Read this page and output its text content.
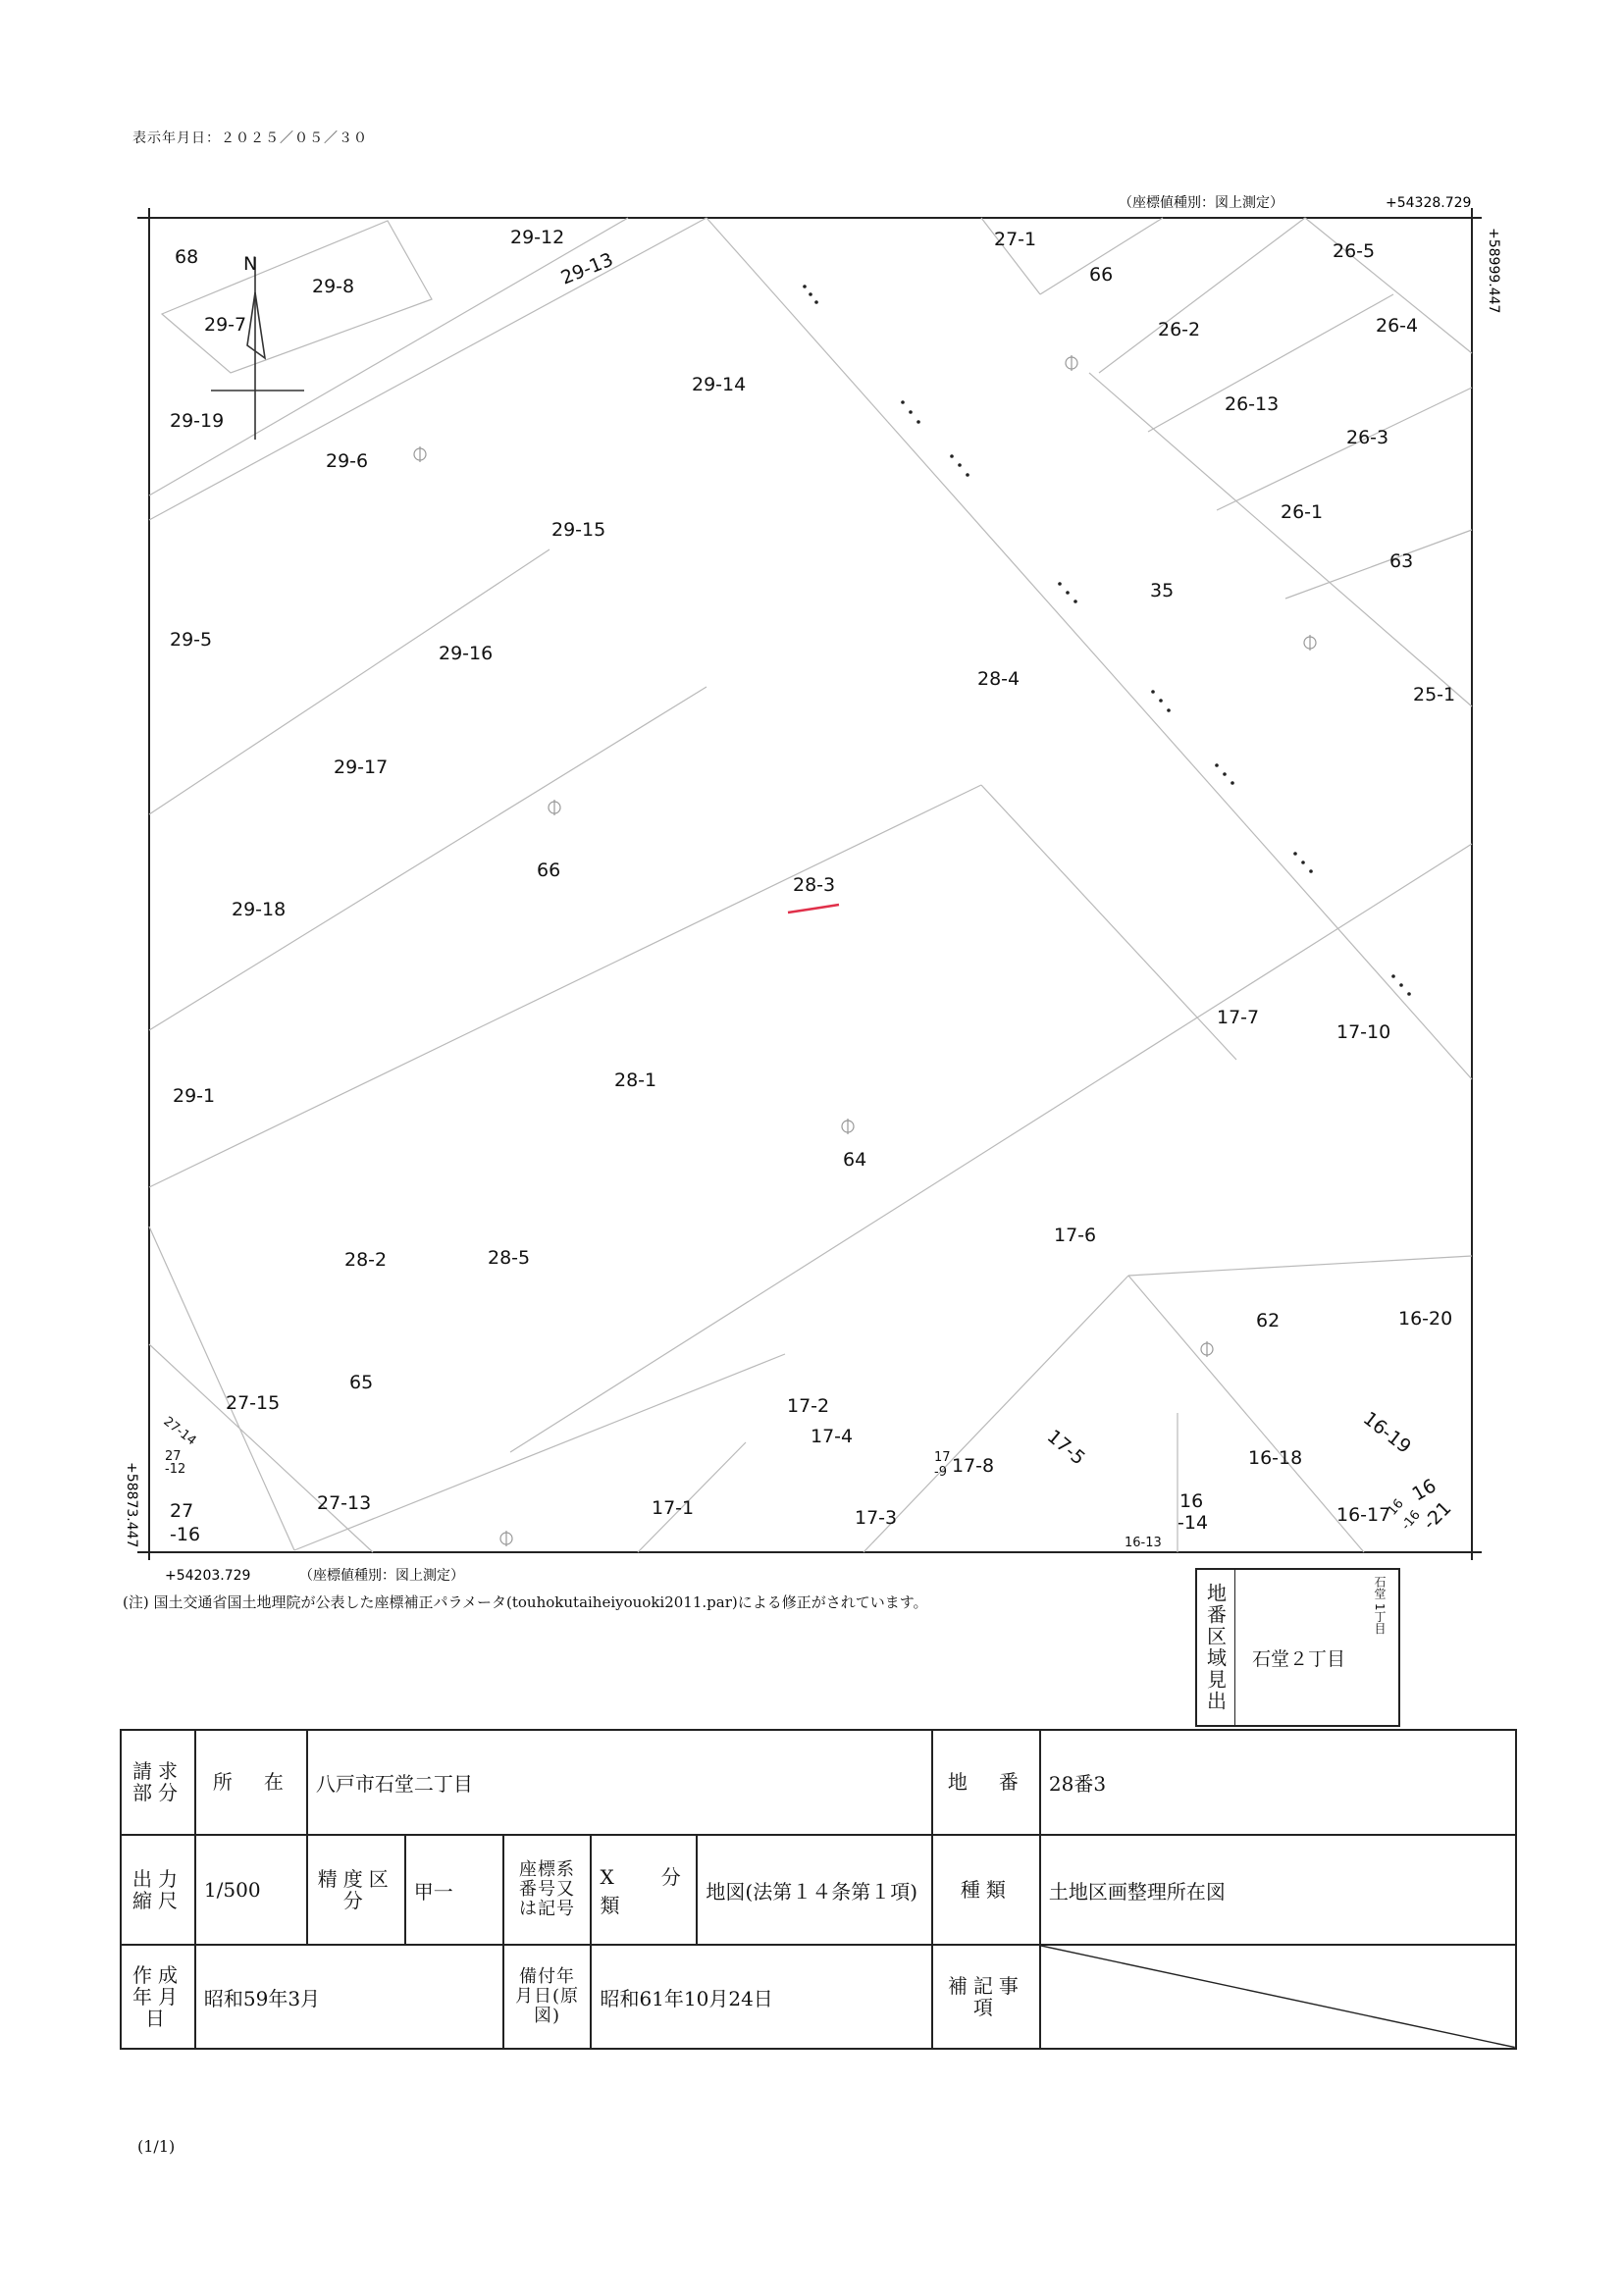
表示年月日：２０２５／０５／３０
N
（座標値種別：図上測定）	+54328.729
+54203.729	（座標値種別：図上測定）
+58999.447
+58873.447
68
29-8
29-7
29-12
29-13
27-1
66
26-5
26-4
26-2
29-19
29-14
26-13
26-3
29-6
26-1
29-15
63
35
29-5
29-16
28-4
25-1
29-17
66
28-3
29-18
17-7
17-10
29-1
28-1
64
17-6
28-2	28-5
62	16-20
65
27-15	17-2
17-4	16-19
17-8	17-5	16-18
27-14
27
-12
27
-16
27-13	17-1	17-3
16
-14	16-17
16
-21
16-13
17
-9
16
-16
(注) 国土交通省国土地理院が公表した座標補正パラメータ(touhokutaiheiyouoki2011.par)による修正がされています。	地番区域見出	石堂２丁目
石堂 1丁目
請求部分	所　在	八戸市石堂二丁目					地　番	28番3
出力縮尺	1/500	精度区分	甲一	座標系番号又は記号	X 分類	地図(法第１４条第１項)	種類	土地区画整理所在図
作成年月日	昭和59年3月			備付年月日(原図)	昭和61年10月24日		補記事項	
(1/1)
